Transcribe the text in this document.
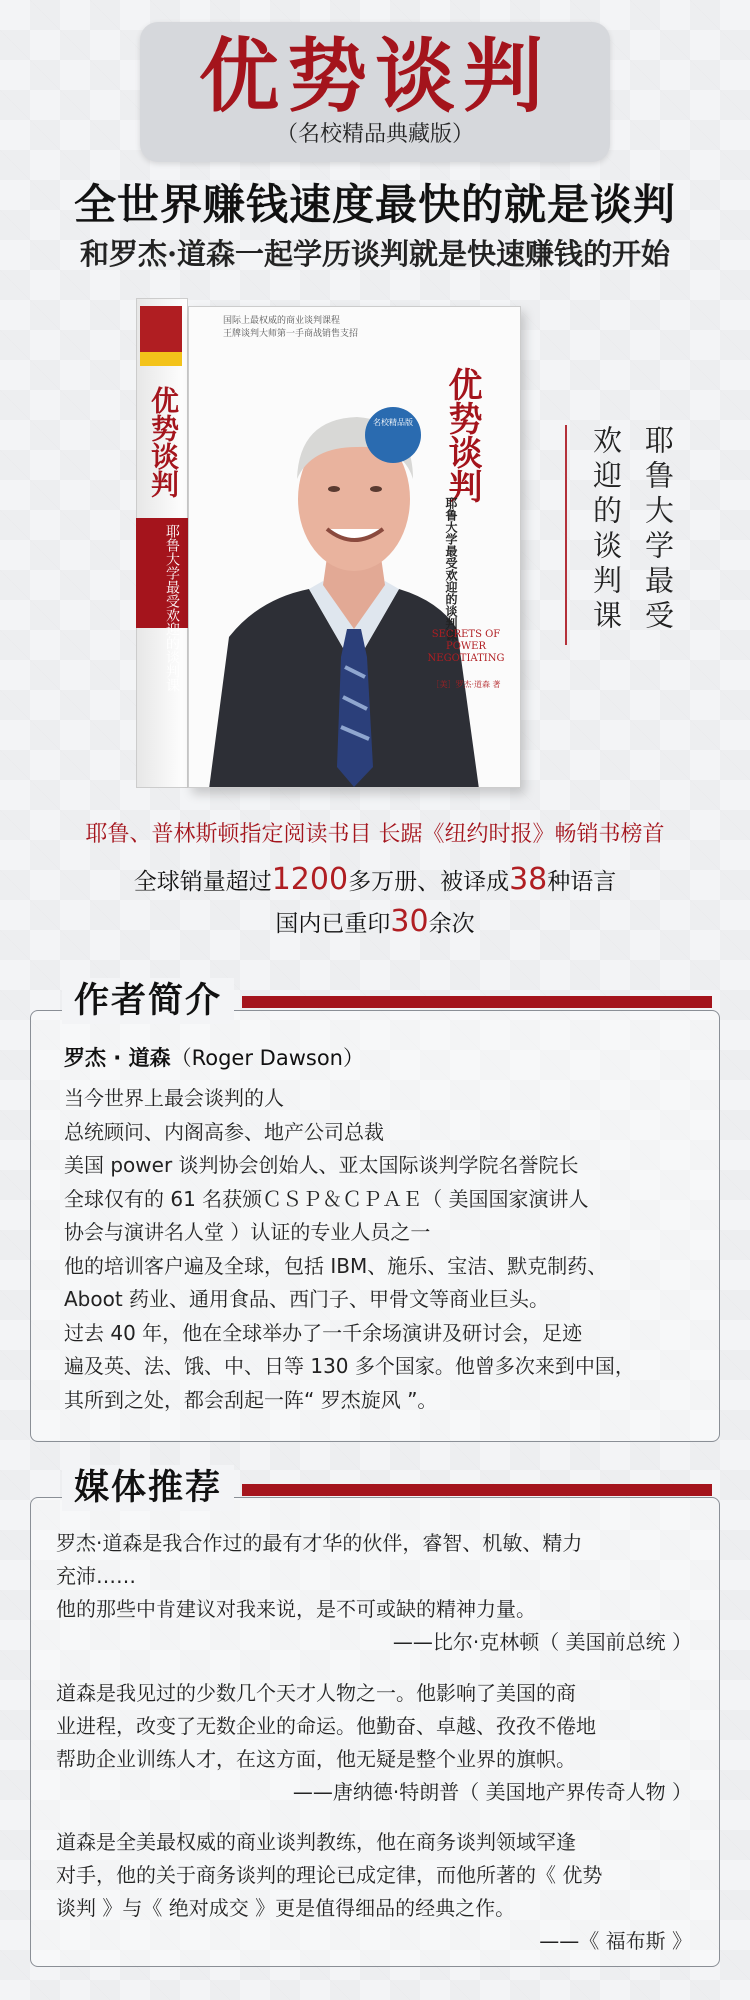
优势谈判
（名校精品典藏版）
全世界赚钱速度最快的就是谈判
和罗杰·道森一起学历谈判就是快速赚钱的开始
优势谈判
耶鲁大学最受欢迎的谈判课
国际上最权威的商业谈判课程
王牌谈判大师第一手商战销售支招
名校精品版 优势谈判
耶鲁大学最受欢迎的谈判课
SECRETS OF POWER NEGOTIATING
［美］罗杰·道森 著
耶鲁大学最受
欢迎的谈判课
耶鲁、普林斯顿指定阅读书目 长踞《纽约时报》畅销书榜首
全球销量超过1200多万册、被译成38种语言
国内已重印30余次
作者简介
罗杰 · 道森（Roger Dawson）
当今世界上最会谈判的人
总统顾问、内阁高参、地产公司总裁
美国 power 谈判协会创始人、亚太国际谈判学院名誉院长
全球仅有的 61 名获颁ＣＳＰ＆ＣＰＡＥ（ 美国国家演讲人
协会与演讲名人堂 ）认证的专业人员之一
他的培训客户遍及全球，包括 IBM、施乐、宝洁、默克制药、
Aboot 药业、通用食品、西门子、甲骨文等商业巨头。
过去 40 年，他在全球举办了一千余场演讲及研讨会，足迹
遍及英、法、饿、中、日等 130 多个国家。他曾多次来到中国，
其所到之处，都会刮起一阵“ 罗杰旋风 ”。
媒体推荐
罗杰·道森是我合作过的最有才华的伙伴，睿智、机敏、精力
充沛……
他的那些中肯建议对我来说，是不可或缺的精神力量。
——比尔·克林顿（ 美国前总统 ）
道森是我见过的少数几个天才人物之一。他影响了美国的商
业进程，改变了无数企业的命运。他勤奋、卓越、孜孜不倦地
帮助企业训练人才，在这方面，他无疑是整个业界的旗帜。
——唐纳德·特朗普（ 美国地产界传奇人物 ）
道森是全美最权威的商业谈判教练，他在商务谈判领域罕逢
对手，他的关于商务谈判的理论已成定律，而他所著的《 优势
谈判 》与《 绝对成交 》更是值得细品的经典之作。
——《 福布斯 》
